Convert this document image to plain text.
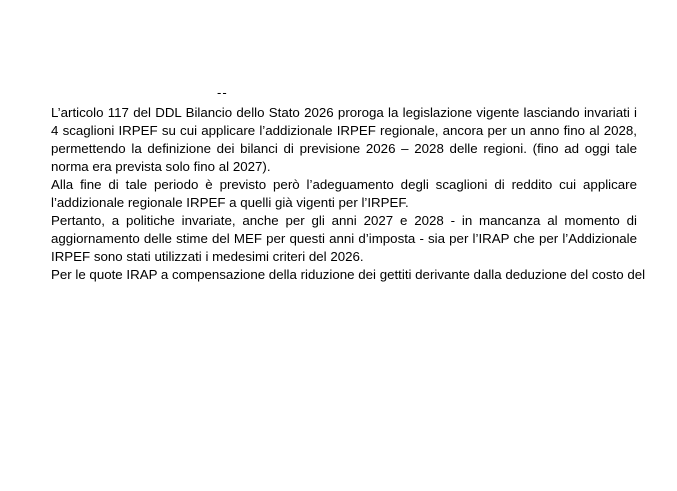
--

L’articolo 117 del DDL Bilancio dello Stato 2026 proroga la legislazione vigente lasciando invariati i 4 scaglioni IRPEF su cui applicare l’addizionale IRPEF regionale, ancora per un anno fino al 2028, permettendo la definizione dei bilanci di previsione 2026 – 2028 delle regioni. (fino ad oggi tale norma era prevista solo fino al 2027).

Alla fine di tale periodo è previsto però l’adeguamento degli scaglioni di reddito cui applicare l’addizionale regionale IRPEF a quelli già vigenti per l’IRPEF.

Pertanto, a politiche invariate, anche per gli anni 2027 e 2028 - in mancanza al momento di aggiornamento delle stime del MEF per questi anni d’imposta - sia per l’IRAP che per l’Addizionale IRPEF sono stati utilizzati i medesimi criteri del 2026.

Per le quote IRAP a compensazione della riduzione dei gettiti derivante dalla deduzione del costo del
